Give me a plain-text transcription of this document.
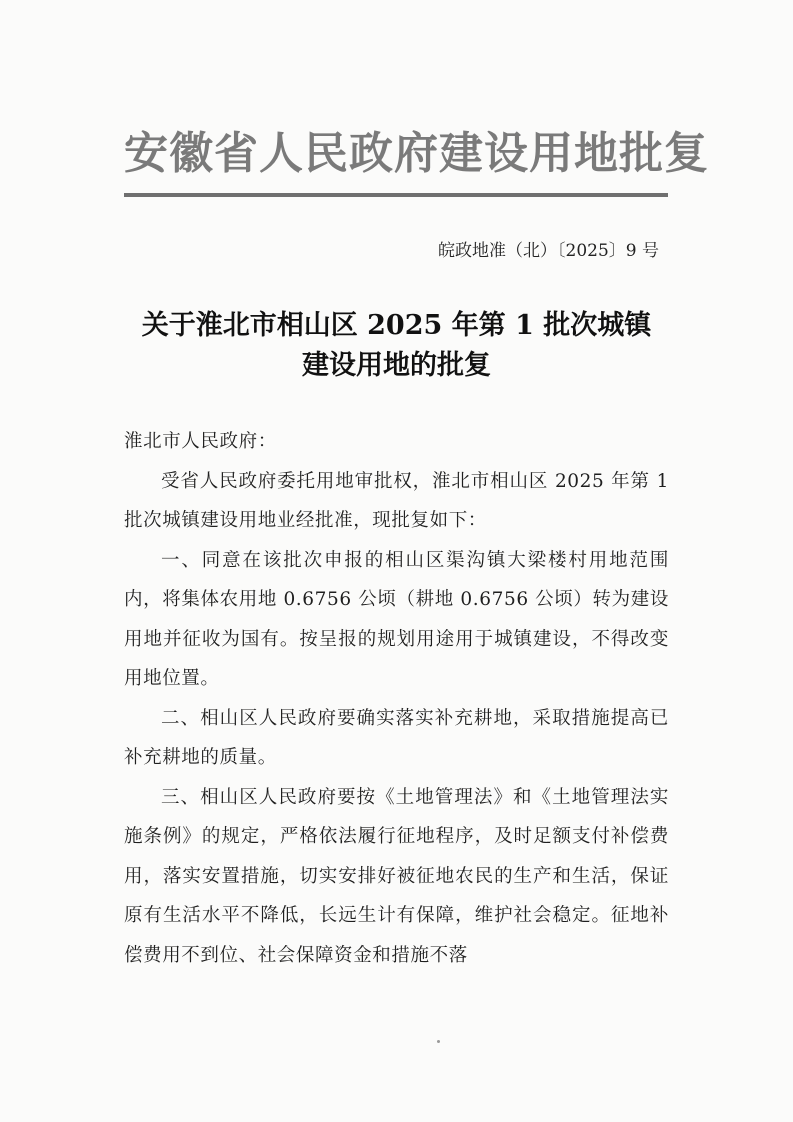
安徽省人民政府建设用地批复
皖政地准（北）〔2025〕9 号
关于淮北市相山区 2025 年第 1 批次城镇
建设用地的批复

淮北市人民政府：

受省人民政府委托用地审批权，淮北市相山区 2025 年第 1 批次城镇建设用地业经批准，现批复如下：

一、同意在该批次申报的相山区渠沟镇大梁楼村用地范围内，将集体农用地 0.6756 公顷（耕地 0.6756 公顷）转为建设用地并征收为国有。按呈报的规划用途用于城镇建设，不得改变用地位置。

二、相山区人民政府要确实落实补充耕地，采取措施提高已补充耕地的质量。

三、相山区人民政府要按《土地管理法》和《土地管理法实施条例》的规定，严格依法履行征地程序，及时足额支付补偿费用，落实安置措施，切实安排好被征地农民的生产和生活，保证原有生活水平不降低，长远生计有保障，维护社会稳定。征地补偿费用不到位、社会保障资金和措施不落
